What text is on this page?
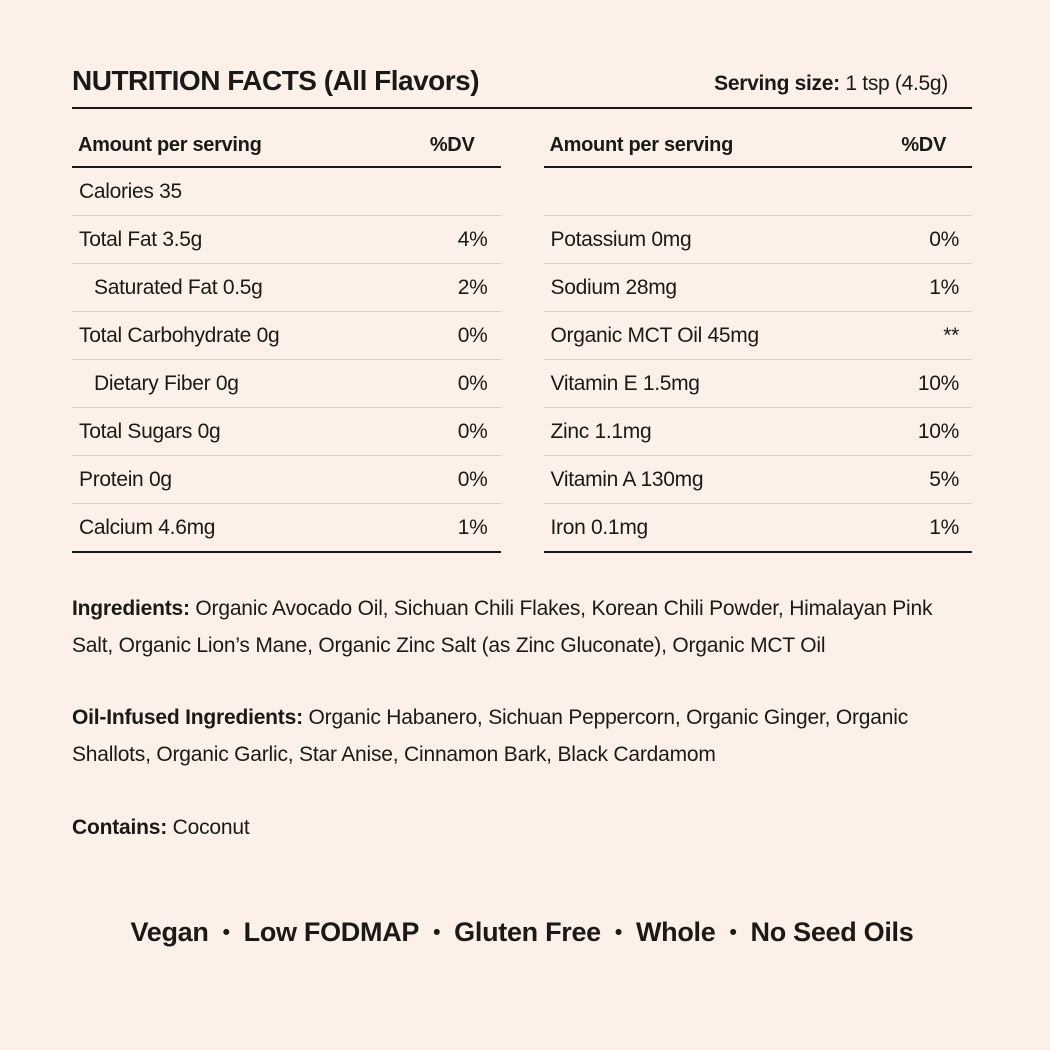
NUTRITION FACTS (All Flavors)	Serving size: 1 tsp (4.5g)
Amount per serving	%DV
Calories 35
Total Fat 3.5g	4%
Saturated Fat 0.5g	2%
Total Carbohydrate 0g	0%
Dietary Fiber 0g	0%
Total Sugars 0g	0%
Protein 0g	0%
Calcium 4.6mg	1%
Amount per serving	%DV
Potassium 0mg	0%
Sodium 28mg	1%
Organic MCT Oil 45mg	**
Vitamin E 1.5mg	10%
Zinc 1.1mg	10%
Vitamin A 130mg	5%
Iron 0.1mg	1%
Ingredients: Organic Avocado Oil, Sichuan Chili Flakes, Korean Chili Powder, Himalayan Pink Salt, Organic Lion’s Mane, Organic Zinc Salt (as Zinc Gluconate), Organic MCT Oil
Oil-Infused Ingredients: Organic Habanero, Sichuan Peppercorn, Organic Ginger, Organic Shallots, Organic Garlic, Star Anise, Cinnamon Bark, Black Cardamom
Contains: Coconut
Vegan • Low FODMAP • Gluten Free • Whole • No Seed Oils
